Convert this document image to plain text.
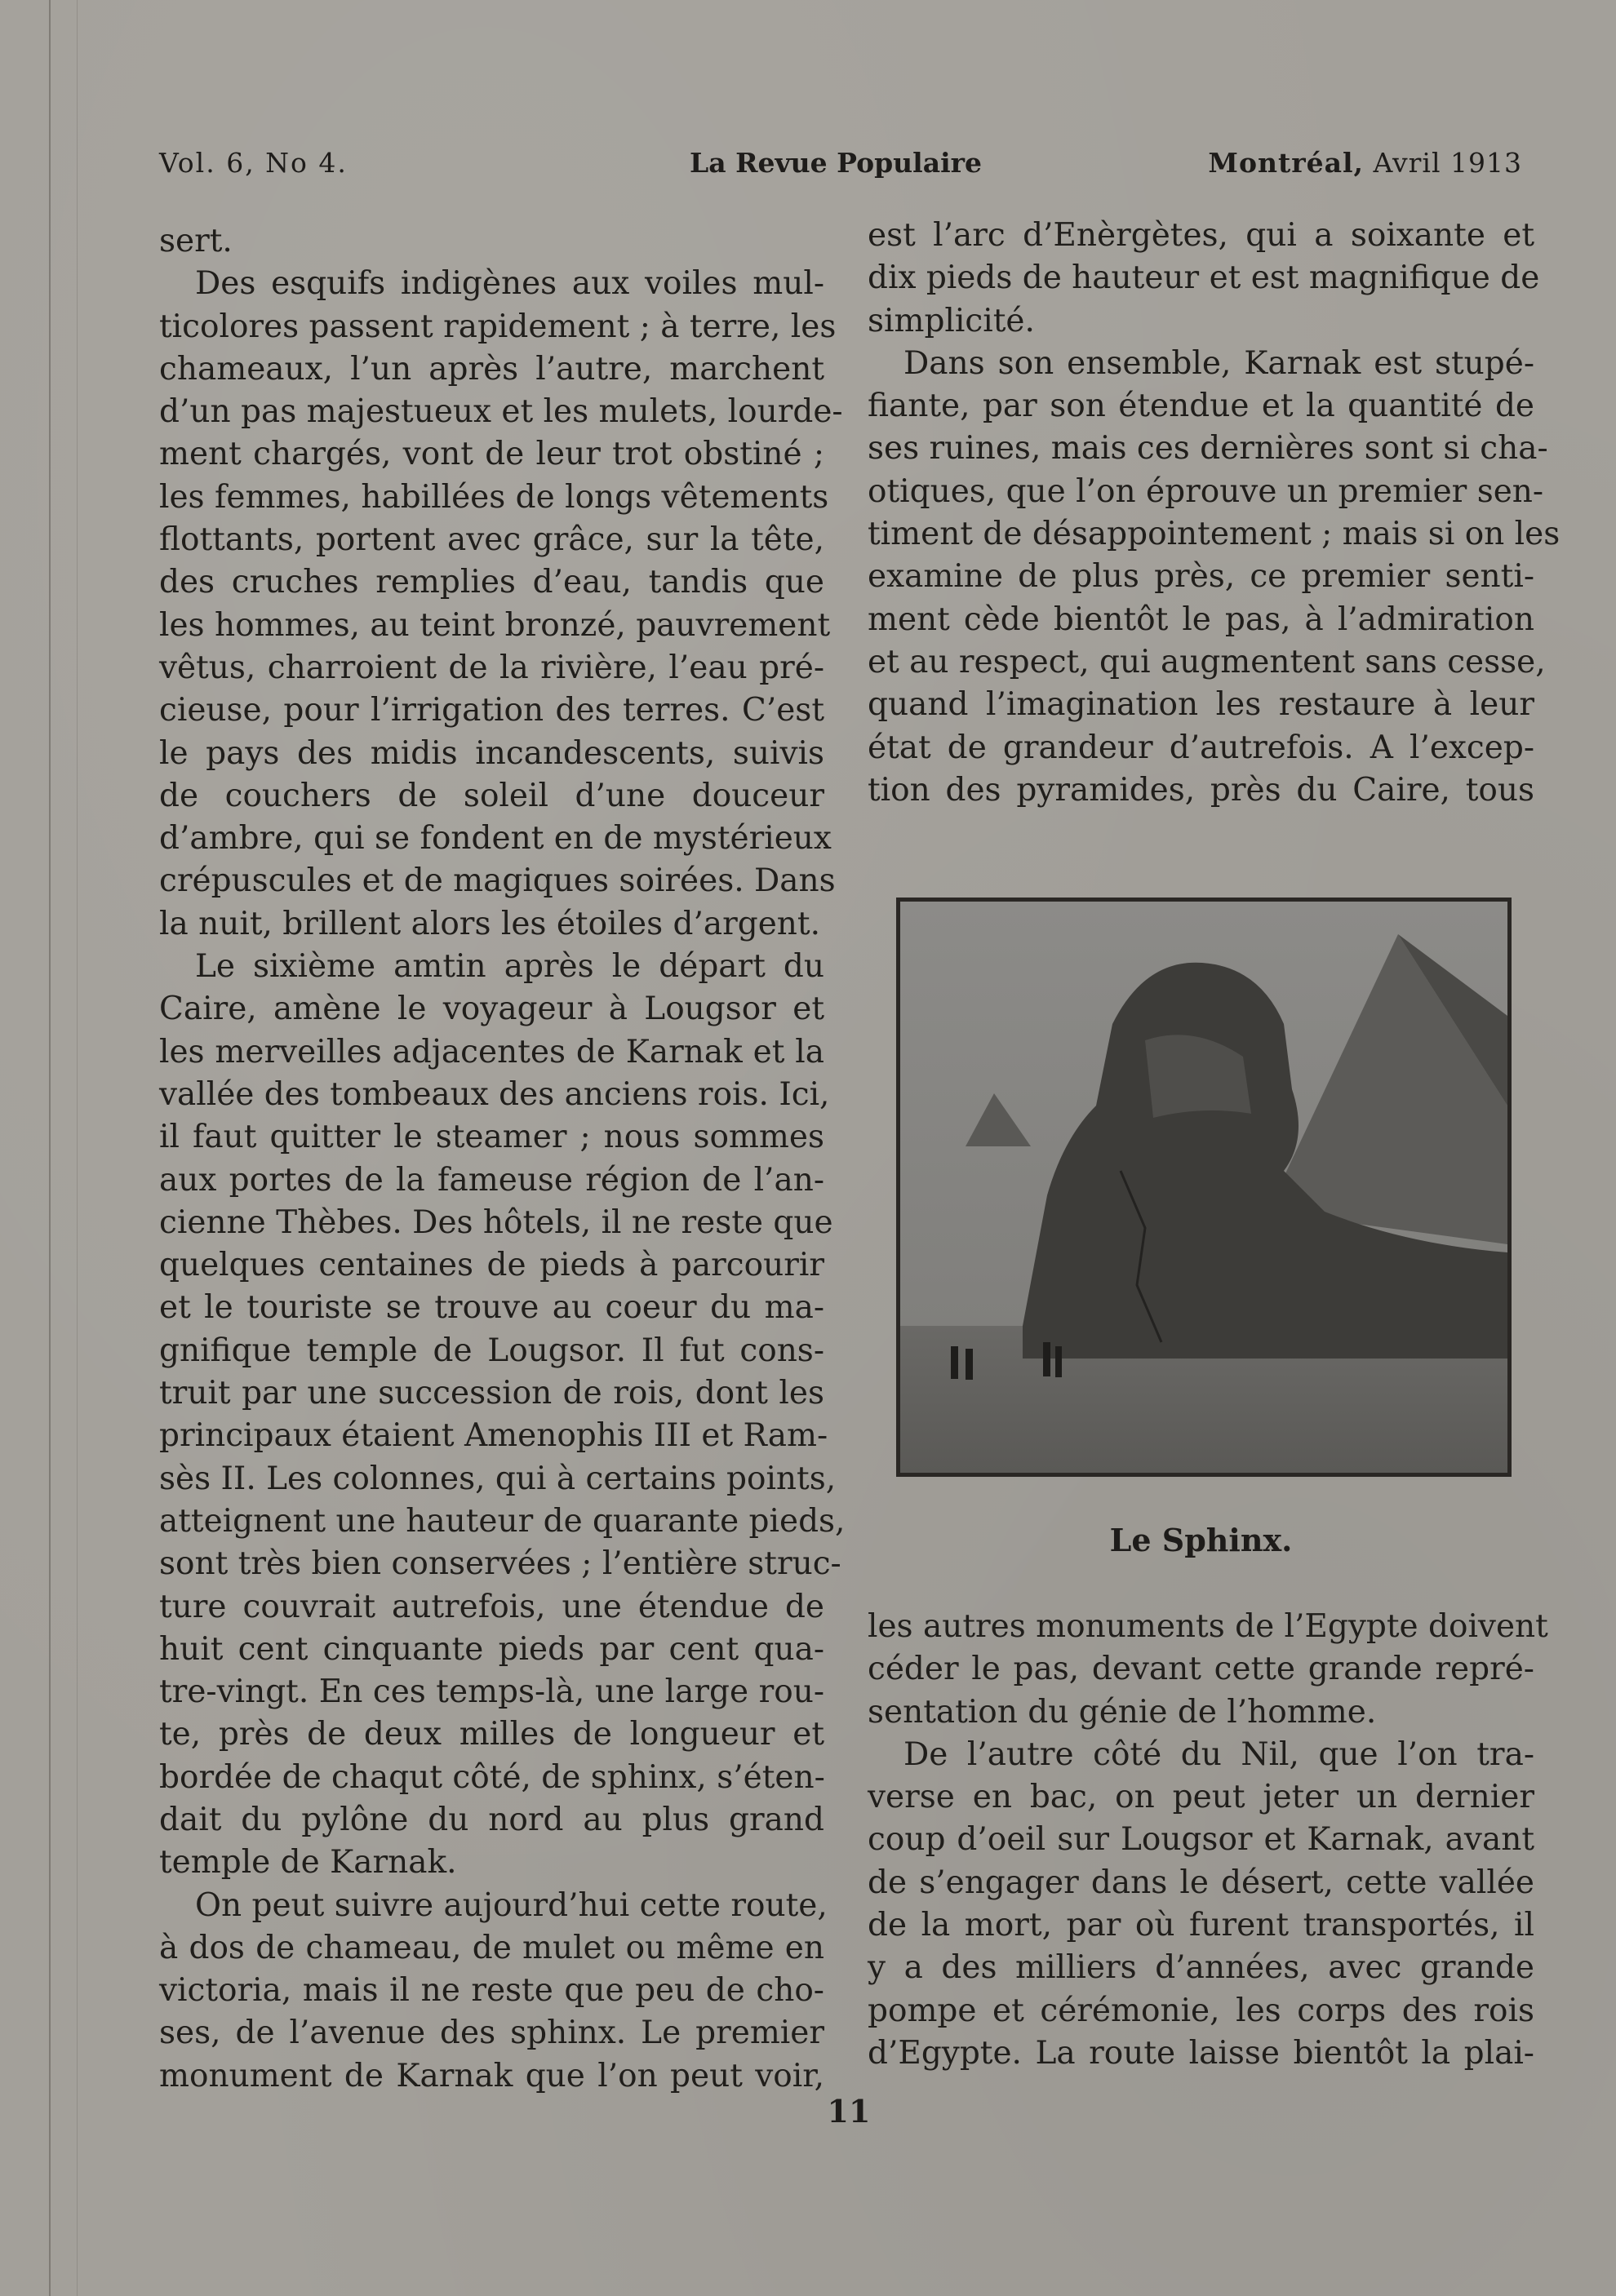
Vol. 6, No 4.	La Revue Populaire	Montréal, Avril 1913
sert.
Des esquifs indigènes aux voiles mul-
ticolores passent rapidement ; à terre, les
chameaux, l’un après l’autre, marchent
d’un pas majestueux et les mulets, lourde-
ment chargés, vont de leur trot obstiné ;
les femmes, habillées de longs vêtements
flottants, portent avec grâce, sur la tête,
des cruches remplies d’eau, tandis que
les hommes, au teint bronzé, pauvrement
vêtus, charroient de la rivière, l’eau pré-
cieuse, pour l’irrigation des terres. C’est
le pays des midis incandescents, suivis
de couchers de soleil d’une douceur
d’ambre, qui se fondent en de mystérieux
crépuscules et de magiques soirées. Dans
la nuit, brillent alors les étoiles d’argent.
Le sixième amtin après le départ du
Caire, amène le voyageur à Lougsor et
les merveilles adjacentes de Karnak et la
vallée des tombeaux des anciens rois. Ici,
il faut quitter le steamer ; nous sommes
aux portes de la fameuse région de l’an-
cienne Thèbes. Des hôtels, il ne reste que
quelques centaines de pieds à parcourir
et le touriste se trouve au coeur du ma-
gnifique temple de Lougsor. Il fut cons-
truit par une succession de rois, dont les
principaux étaient Amenophis III et Ram-
sès II. Les colonnes, qui à certains points,
atteignent une hauteur de quarante pieds,
sont très bien conservées ; l’entière struc-
ture couvrait autrefois, une étendue de
huit cent cinquante pieds par cent qua-
tre-vingt. En ces temps-là, une large rou-
te, près de deux milles de longueur et
bordée de chaqut côté, de sphinx, s’éten-
dait du pylône du nord au plus grand
temple de Karnak.
On peut suivre aujourd’hui cette route,
à dos de chameau, de mulet ou même en
victoria, mais il ne reste que peu de cho-
ses, de l’avenue des sphinx. Le premier
monument de Karnak que l’on peut voir,
est l’arc d’Enèrgètes, qui a soixante et
dix pieds de hauteur et est magnifique de
simplicité.
Dans son ensemble, Karnak est stupé-
fiante, par son étendue et la quantité de
ses ruines, mais ces dernières sont si cha-
otiques, que l’on éprouve un premier sen-
timent de désappointement ; mais si on les
examine de plus près, ce premier senti-
ment cède bientôt le pas, à l’admiration
et au respect, qui augmentent sans cesse,
quand l’imagination les restaure à leur
état de grandeur d’autrefois. A l’excep-
tion des pyramides, près du Caire, tous
Le Sphinx.
les autres monuments de l’Egypte doivent
céder le pas, devant cette grande repré-
sentation du génie de l’homme.
De l’autre côté du Nil, que l’on tra-
verse en bac, on peut jeter un dernier
coup d’oeil sur Lougsor et Karnak, avant
de s’engager dans le désert, cette vallée
de la mort, par où furent transportés, il
y a des milliers d’années, avec grande
pompe et cérémonie, les corps des rois
d’Egypte. La route laisse bientôt la plai-
11
